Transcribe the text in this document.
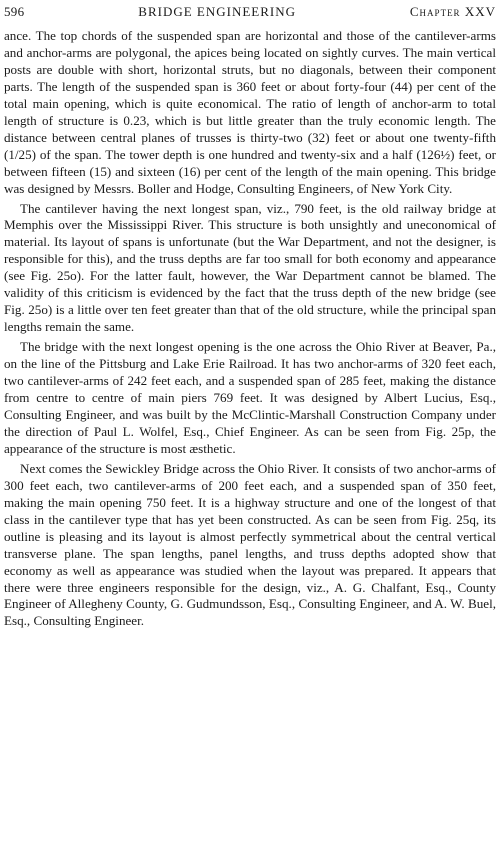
596	BRIDGE ENGINEERING	Chapter XXV

ance. The top chords of the suspended span are horizontal and those of the cantilever-arms and anchor-arms are polygonal, the apices being located on sightly curves. The main vertical posts are double with short, horizontal struts, but no diagonals, between their component parts. The length of the suspended span is 360 feet or about forty-four (44) per cent of the total main opening, which is quite economical. The ratio of length of anchor-arm to total length of structure is 0.23, which is but little greater than the truly economic length. The distance between central planes of trusses is thirty-two (32) feet or about one twenty-fifth (1/25) of the span. The tower depth is one hundred and twenty-six and a half (126½) feet, or between fifteen (15) and sixteen (16) per cent of the length of the main opening. This bridge was designed by Messrs. Boller and Hodge, Consulting Engineers, of New York City.

The cantilever having the next longest span, viz., 790 feet, is the old railway bridge at Memphis over the Mississippi River. This structure is both unsightly and uneconomical of material. Its layout of spans is unfortunate (but the War Department, and not the designer, is responsible for this), and the truss depths are far too small for both economy and appearance (see Fig. 25o). For the latter fault, however, the War Department cannot be blamed. The validity of this criticism is evidenced by the fact that the truss depth of the new bridge (see Fig. 25o) is a little over ten feet greater than that of the old structure, while the principal span lengths remain the same.

The bridge with the next longest opening is the one across the Ohio River at Beaver, Pa., on the line of the Pittsburg and Lake Erie Railroad. It has two anchor-arms of 320 feet each, two cantilever-arms of 242 feet each, and a suspended span of 285 feet, making the distance from centre to centre of main piers 769 feet. It was designed by Albert Lucius, Esq., Consulting Engineer, and was built by the McClintic-Marshall Construction Company under the direction of Paul L. Wolfel, Esq., Chief Engineer. As can be seen from Fig. 25p, the appearance of the structure is most æsthetic.

Next comes the Sewickley Bridge across the Ohio River. It consists of two anchor-arms of 300 feet each, two cantilever-arms of 200 feet each, and a suspended span of 350 feet, making the main opening 750 feet. It is a highway structure and one of the longest of that class in the cantilever type that has yet been constructed. As can be seen from Fig. 25q, its outline is pleasing and its layout is almost perfectly symmetrical about the central vertical transverse plane. The span lengths, panel lengths, and truss depths adopted show that economy as well as appearance was studied when the layout was prepared. It appears that there were three engineers responsible for the design, viz., A. G. Chalfant, Esq., County Engineer of Allegheny County, G. Gudmundsson, Esq., Consulting Engineer, and A. W. Buel, Esq., Consulting Engineer.
